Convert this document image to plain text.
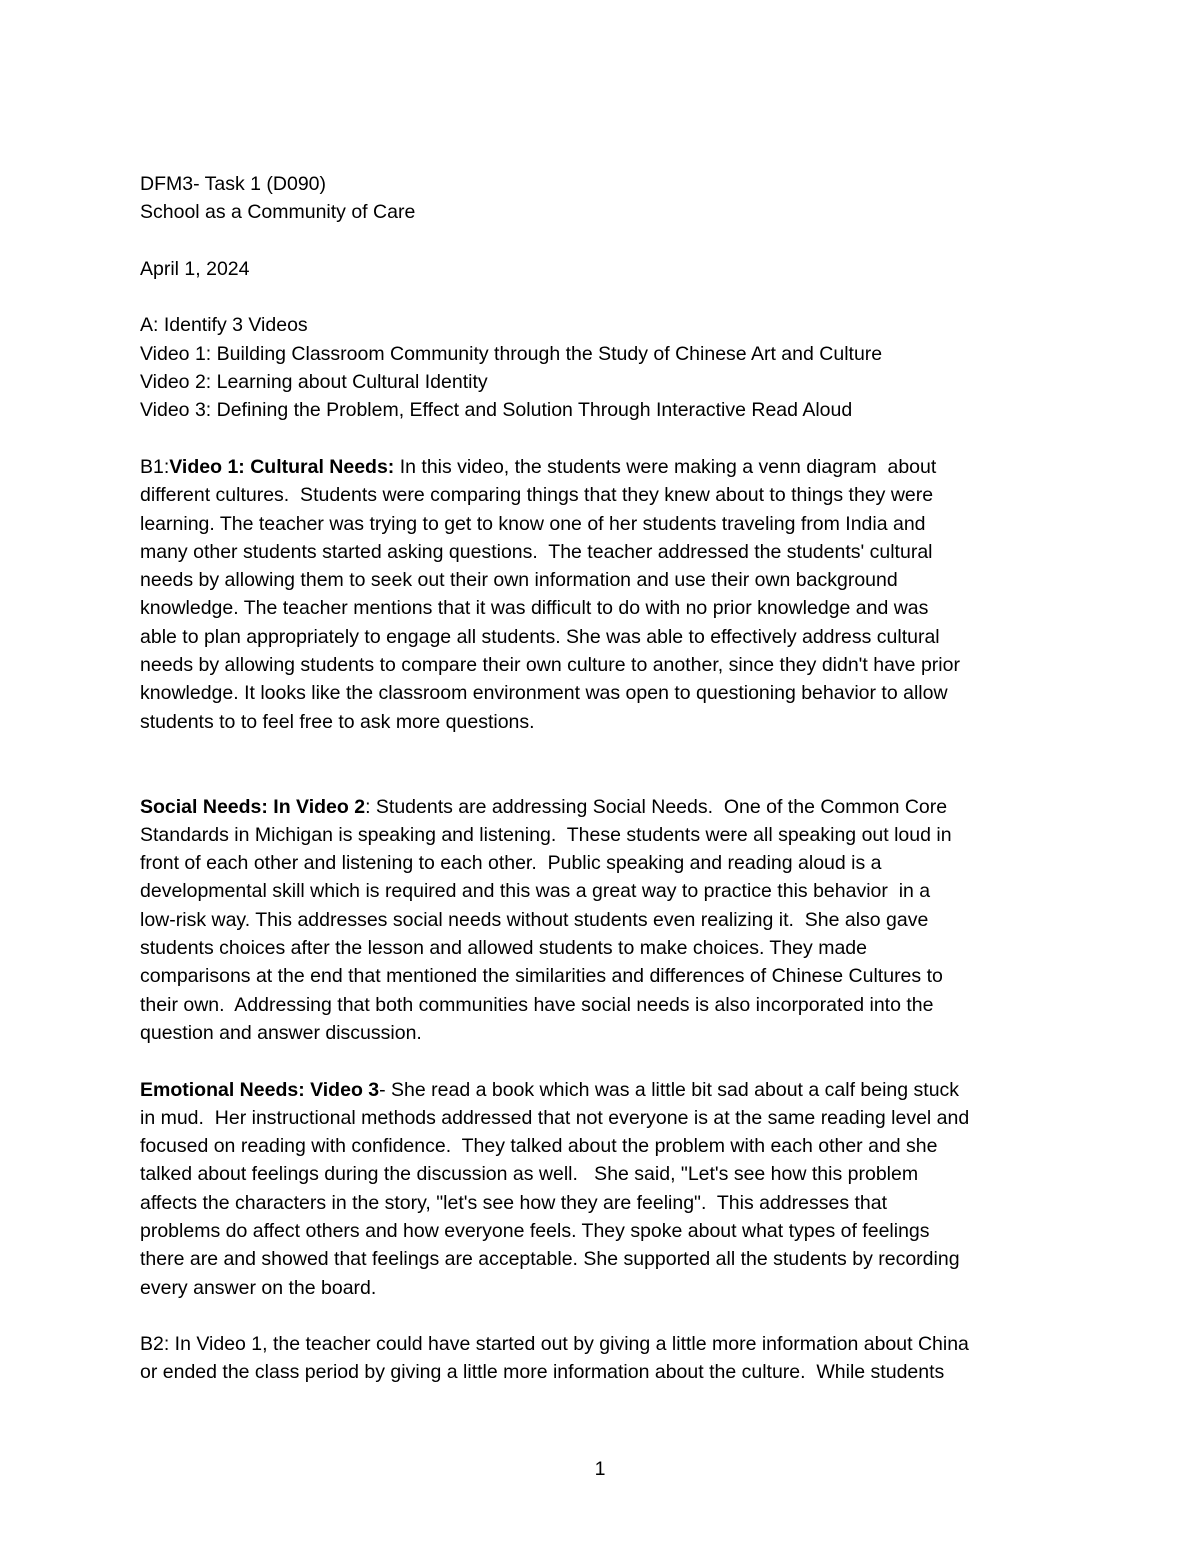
DFM3- Task 1 (D090)
School as a Community of Care
April 1, 2024
A: Identify 3 Videos
Video 1: Building Classroom Community through the Study of Chinese Art and Culture
Video 2: Learning about Cultural Identity
Video 3: Defining the Problem, Effect and Solution Through Interactive Read Aloud
B1:Video 1: Cultural Needs: In this video, the students were making a venn diagram  about
different cultures.  Students were comparing things that they knew about to things they were
learning. The teacher was trying to get to know one of her students traveling from India and
many other students started asking questions.  The teacher addressed the students' cultural
needs by allowing them to seek out their own information and use their own background
knowledge. The teacher mentions that it was difficult to do with no prior knowledge and was
able to plan appropriately to engage all students. She was able to effectively address cultural
needs by allowing students to compare their own culture to another, since they didn't have prior
knowledge. It looks like the classroom environment was open to questioning behavior to allow
students to to feel free to ask more questions.
Social Needs: In Video 2: Students are addressing Social Needs.  One of the Common Core
Standards in Michigan is speaking and listening.  These students were all speaking out loud in
front of each other and listening to each other.  Public speaking and reading aloud is a
developmental skill which is required and this was a great way to practice this behavior  in a
low-risk way. This addresses social needs without students even realizing it.  She also gave
students choices after the lesson and allowed students to make choices. They made
comparisons at the end that mentioned the similarities and differences of Chinese Cultures to
their own.  Addressing that both communities have social needs is also incorporated into the
question and answer discussion.
Emotional Needs: Video 3- She read a book which was a little bit sad about a calf being stuck
in mud.  Her instructional methods addressed that not everyone is at the same reading level and
focused on reading with confidence.  They talked about the problem with each other and she
talked about feelings during the discussion as well.   She said, "Let's see how this problem
affects the characters in the story, "let's see how they are feeling".  This addresses that
problems do affect others and how everyone feels. They spoke about what types of feelings
there are and showed that feelings are acceptable. She supported all the students by recording
every answer on the board.
B2: In Video 1, the teacher could have started out by giving a little more information about China
or ended the class period by giving a little more information about the culture.  While students
1
